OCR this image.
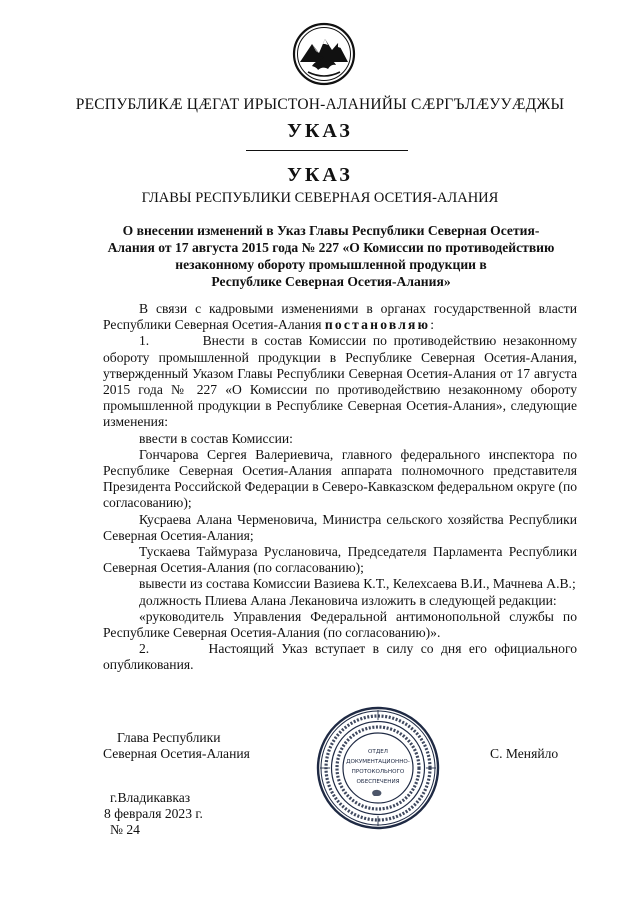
РЕСПУБЛИКÆ ЦÆГАТ ИРЫСТОН-АЛАНИЙЫ СÆРГЪЛÆУУÆДЖЫ
УКАЗ
УКАЗ
ГЛАВЫ РЕСПУБЛИКИ СЕВЕРНАЯ ОСЕТИЯ-АЛАНИЯ
О внесении изменений в Указ Главы Республики Северная Осетия-
Алания от 17 августа 2015 года № 227 «О Комиссии по противодействию
незаконному обороту промышленной продукции в
Республике Северная Осетия-Алания»
В связи с кадровыми изменениями в органах государственной власти Республики Северная Осетия-Алания постановляю:
1.	Внести в состав Комиссии по противодействию незаконному обороту промышленной продукции в Республике Северная Осетия-Алания, утвержденный Указом Главы Республики Северная Осетия-Алания от 17 августа 2015 года № 227 «О Комиссии по противодействию незаконному обороту промышленной продукции в Республике Северная Осетия-Алания», следующие изменения:
ввести в состав Комиссии:
Гончарова Сергея Валериевича, главного федерального инспектора по Республике Северная Осетия-Алания аппарата полномочного представителя Президента Российской Федерации в Северо-Кавказском федеральном округе (по согласованию);
Кусраева Алана Черменовича, Министра сельского хозяйства Республики Северная Осетия-Алания;
Тускаева Таймураза Руслановича, Председателя Парламента Республики Северная Осетия-Алания (по согласованию);
вывести из состава Комиссии Вазиева К.Т., Келехсаева В.И., Мачнева А.В.;
должность Плиева Алана Лекановича изложить в следующей редакции:
«руководитель Управления Федеральной антимонопольной службы по Республике Северная Осетия-Алания (по согласованию)».
2.	Настоящий Указ вступает в силу со дня его официального опубликования.
Глава Республики
Северная Осетия-Алания	ОТДЕЛ
ДОКУМЕНТАЦИОННО-
ПРОТОКОЛЬНОГО
ОБЕСПЕЧЕНИЯ
С. Меняйло
г.Владикавказ
8 февраля 2023 г.
№ 24
